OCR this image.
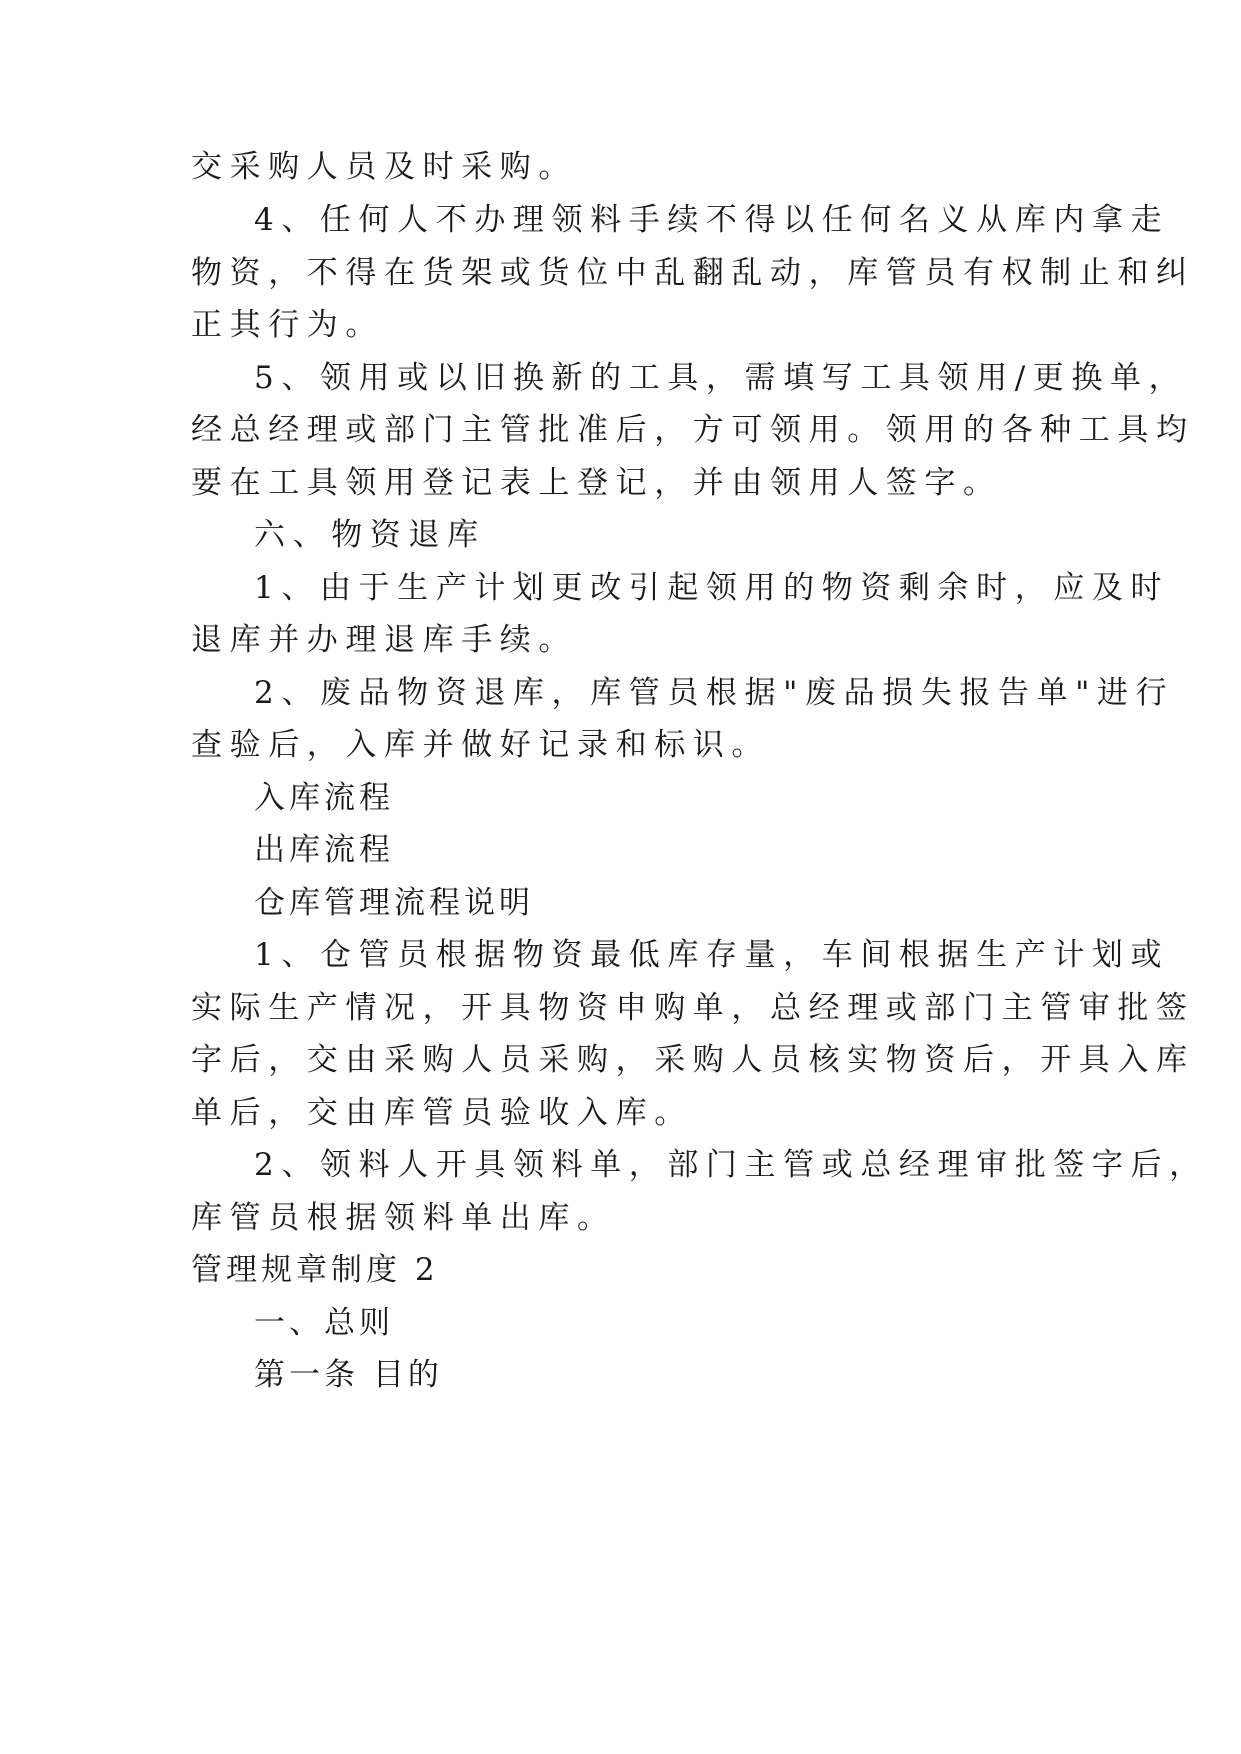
交采购人员及时采购。
4、任何人不办理领料手续不得以任何名义从库内拿走
物资，不得在货架或货位中乱翻乱动，库管员有权制止和纠
正其行为。
5、领用或以旧换新的工具，需填写工具领用/更换单，
经总经理或部门主管批准后，方可领用。领用的各种工具均
要在工具领用登记表上登记，并由领用人签字。
六、物资退库
1、由于生产计划更改引起领用的物资剩余时，应及时
退库并办理退库手续。
2、废品物资退库，库管员根据"废品损失报告单"进行
查验后，入库并做好记录和标识。
入库流程
出库流程
仓库管理流程说明
1、仓管员根据物资最低库存量，车间根据生产计划或
实际生产情况，开具物资申购单，总经理或部门主管审批签
字后，交由采购人员采购，采购人员核实物资后，开具入库
单后，交由库管员验收入库。
2、领料人开具领料单，部门主管或总经理审批签字后，
库管员根据领料单出库。
管理规章制度 2
一、总则
第一条 目的
